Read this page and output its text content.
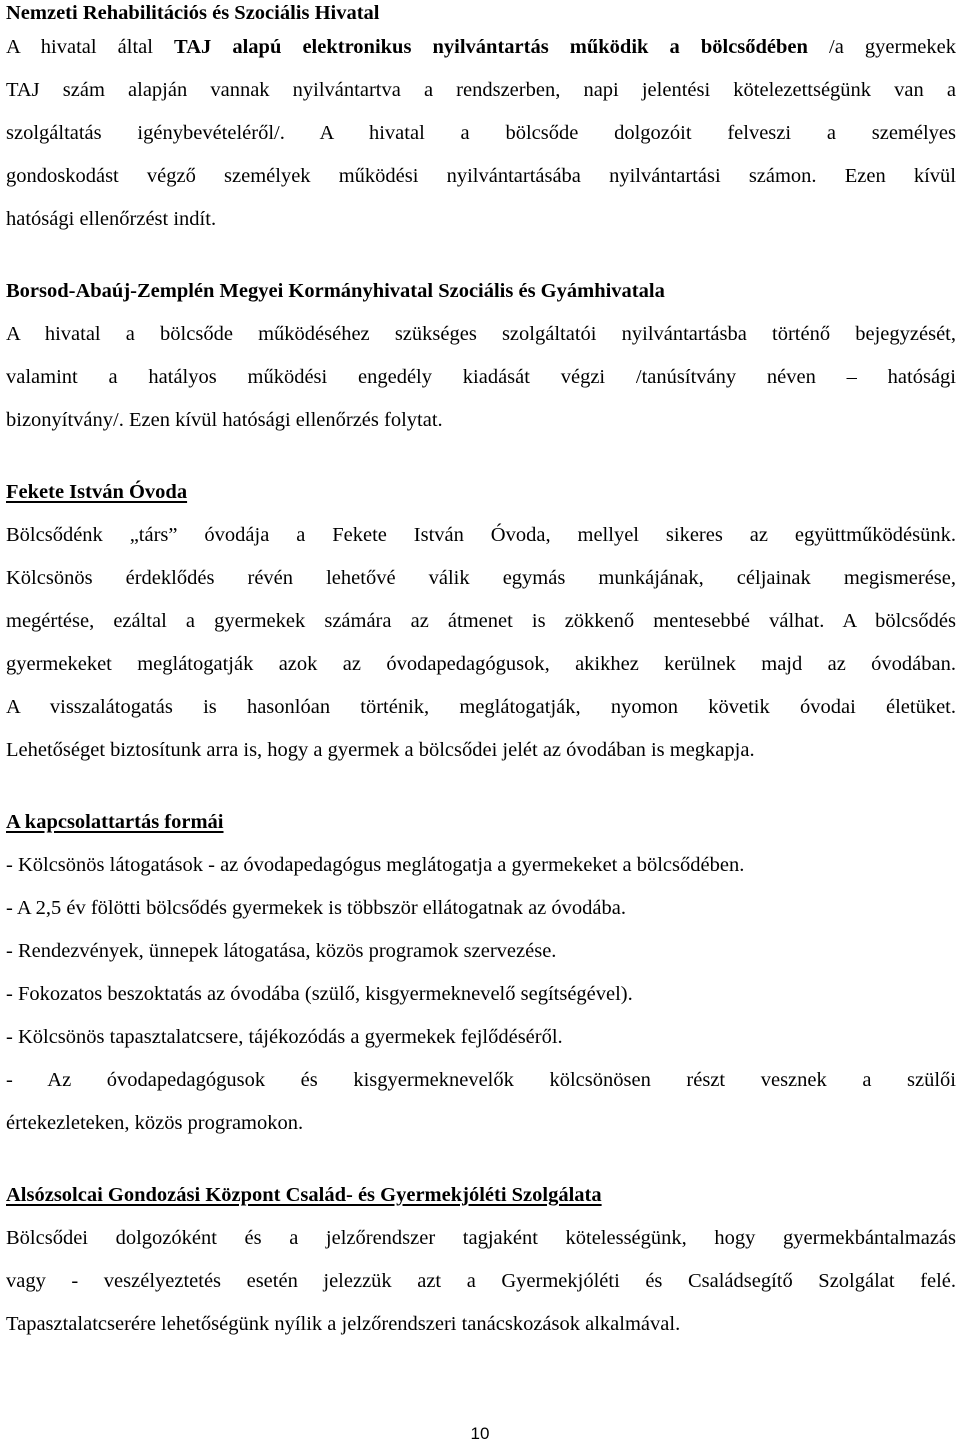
Nemzeti Rehabilitációs és Szociális Hivatal
A hivatal által TAJ alapú elektronikus nyilvántartás működik a bölcsődében /a gyermekek
TAJ szám alapján vannak nyilvántartva a rendszerben, napi jelentési kötelezettségünk van a
szolgáltatás igénybevételéről/. A hivatal a bölcsőde dolgozóit felveszi a személyes
gondoskodást végző személyek működési nyilvántartásába nyilvántartási számon. Ezen kívül
hatósági ellenőrzést indít.
Borsod-Abaúj-Zemplén Megyei Kormányhivatal Szociális és Gyámhivatala
A hivatal a bölcsőde működéséhez szükséges szolgáltatói nyilvántartásba történő bejegyzését,
valamint a hatályos működési engedély kiadását végzi /tanúsítvány néven – hatósági
bizonyítvány/. Ezen kívül hatósági ellenőrzés folytat.
Fekete István Óvoda
Bölcsődénk „társ” óvodája a Fekete István Óvoda, mellyel sikeres az együttműködésünk.
Kölcsönös érdeklődés révén lehetővé válik egymás munkájának, céljainak megismerése,
megértése, ezáltal a gyermekek számára az átmenet is zökkenő mentesebbé válhat. A bölcsődés
gyermekeket meglátogatják azok az óvodapedagógusok, akikhez kerülnek majd az óvodában.
A visszalátogatás is hasonlóan történik, meglátogatják, nyomon követik óvodai életüket.
Lehetőséget biztosítunk arra is, hogy a gyermek a bölcsődei jelét az óvodában is megkapja.
A kapcsolattartás formái
- Kölcsönös látogatások - az óvodapedagógus meglátogatja a gyermekeket a bölcsődében.
- A 2,5 év fölötti bölcsődés gyermekek is többször ellátogatnak az óvodába.
- Rendezvények, ünnepek látogatása, közös programok szervezése.
- Fokozatos beszoktatás az óvodába (szülő, kisgyermeknevelő segítségével).
- Kölcsönös tapasztalatcsere, tájékozódás a gyermekek fejlődéséről.
- Az óvodapedagógusok és kisgyermeknevelők kölcsönösen részt vesznek a szülői
értekezleteken, közös programokon.
Alsózsolcai Gondozási Központ Család- és Gyermekjóléti Szolgálata
Bölcsődei dolgozóként és a jelzőrendszer tagjaként kötelességünk, hogy gyermekbántalmazás
vagy - veszélyeztetés esetén jelezzük azt a Gyermekjóléti és Családsegítő Szolgálat felé.
Tapasztalatcserére lehetőségünk nyílik a jelzőrendszeri tanácskozások alkalmával.
10
